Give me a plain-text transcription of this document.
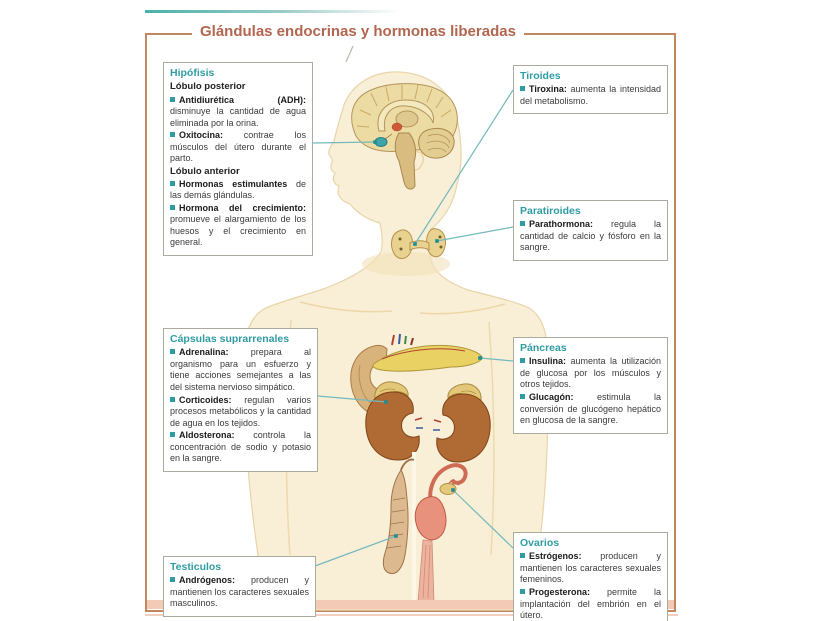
Glándulas endocrinas y hormonas liberadas
Hipófisis
Lóbulo posterior

Antidiurética (ADH): disminuye la cantidad de agua eliminada por la orina.

Oxitocina: contrae los músculos del útero durante el parto.

Lóbulo anterior

Hormonas estimulantes de las demás glándulas.

Hormona del crecimiento: promueve el alargamiento de los huesos y el crecimiento en general.

Tiroides

Tiroxina: aumenta la intensidad del metabolismo.

Paratiroides

Parathormona: regula la cantidad de calcio y fósforo en la sangre.

Cápsulas suprarrenales

Adrenalina: prepara al organismo para un esfuerzo y tiene acciones semejantes a las del sistema nervioso simpático.

Corticoides: regulan varios procesos metabólicos y la cantidad de agua en los tejidos.

Aldosterona: controla la concentración de sodio y potasio en la sangre.

Páncreas

Insulina: aumenta la utilización de glucosa por los músculos y otros tejidos.

Glucagón:	estimula la conversión de glucógeno hepático en glucosa de la sangre.

Testiculos

Andrógenos: producen y mantienen los caracteres sexuales masculinos.

Ovarios

Estrógenos: producen y mantienen los caracteres sexuales femeninos.

Progesterona: permite la implantación del embrión en el útero.
